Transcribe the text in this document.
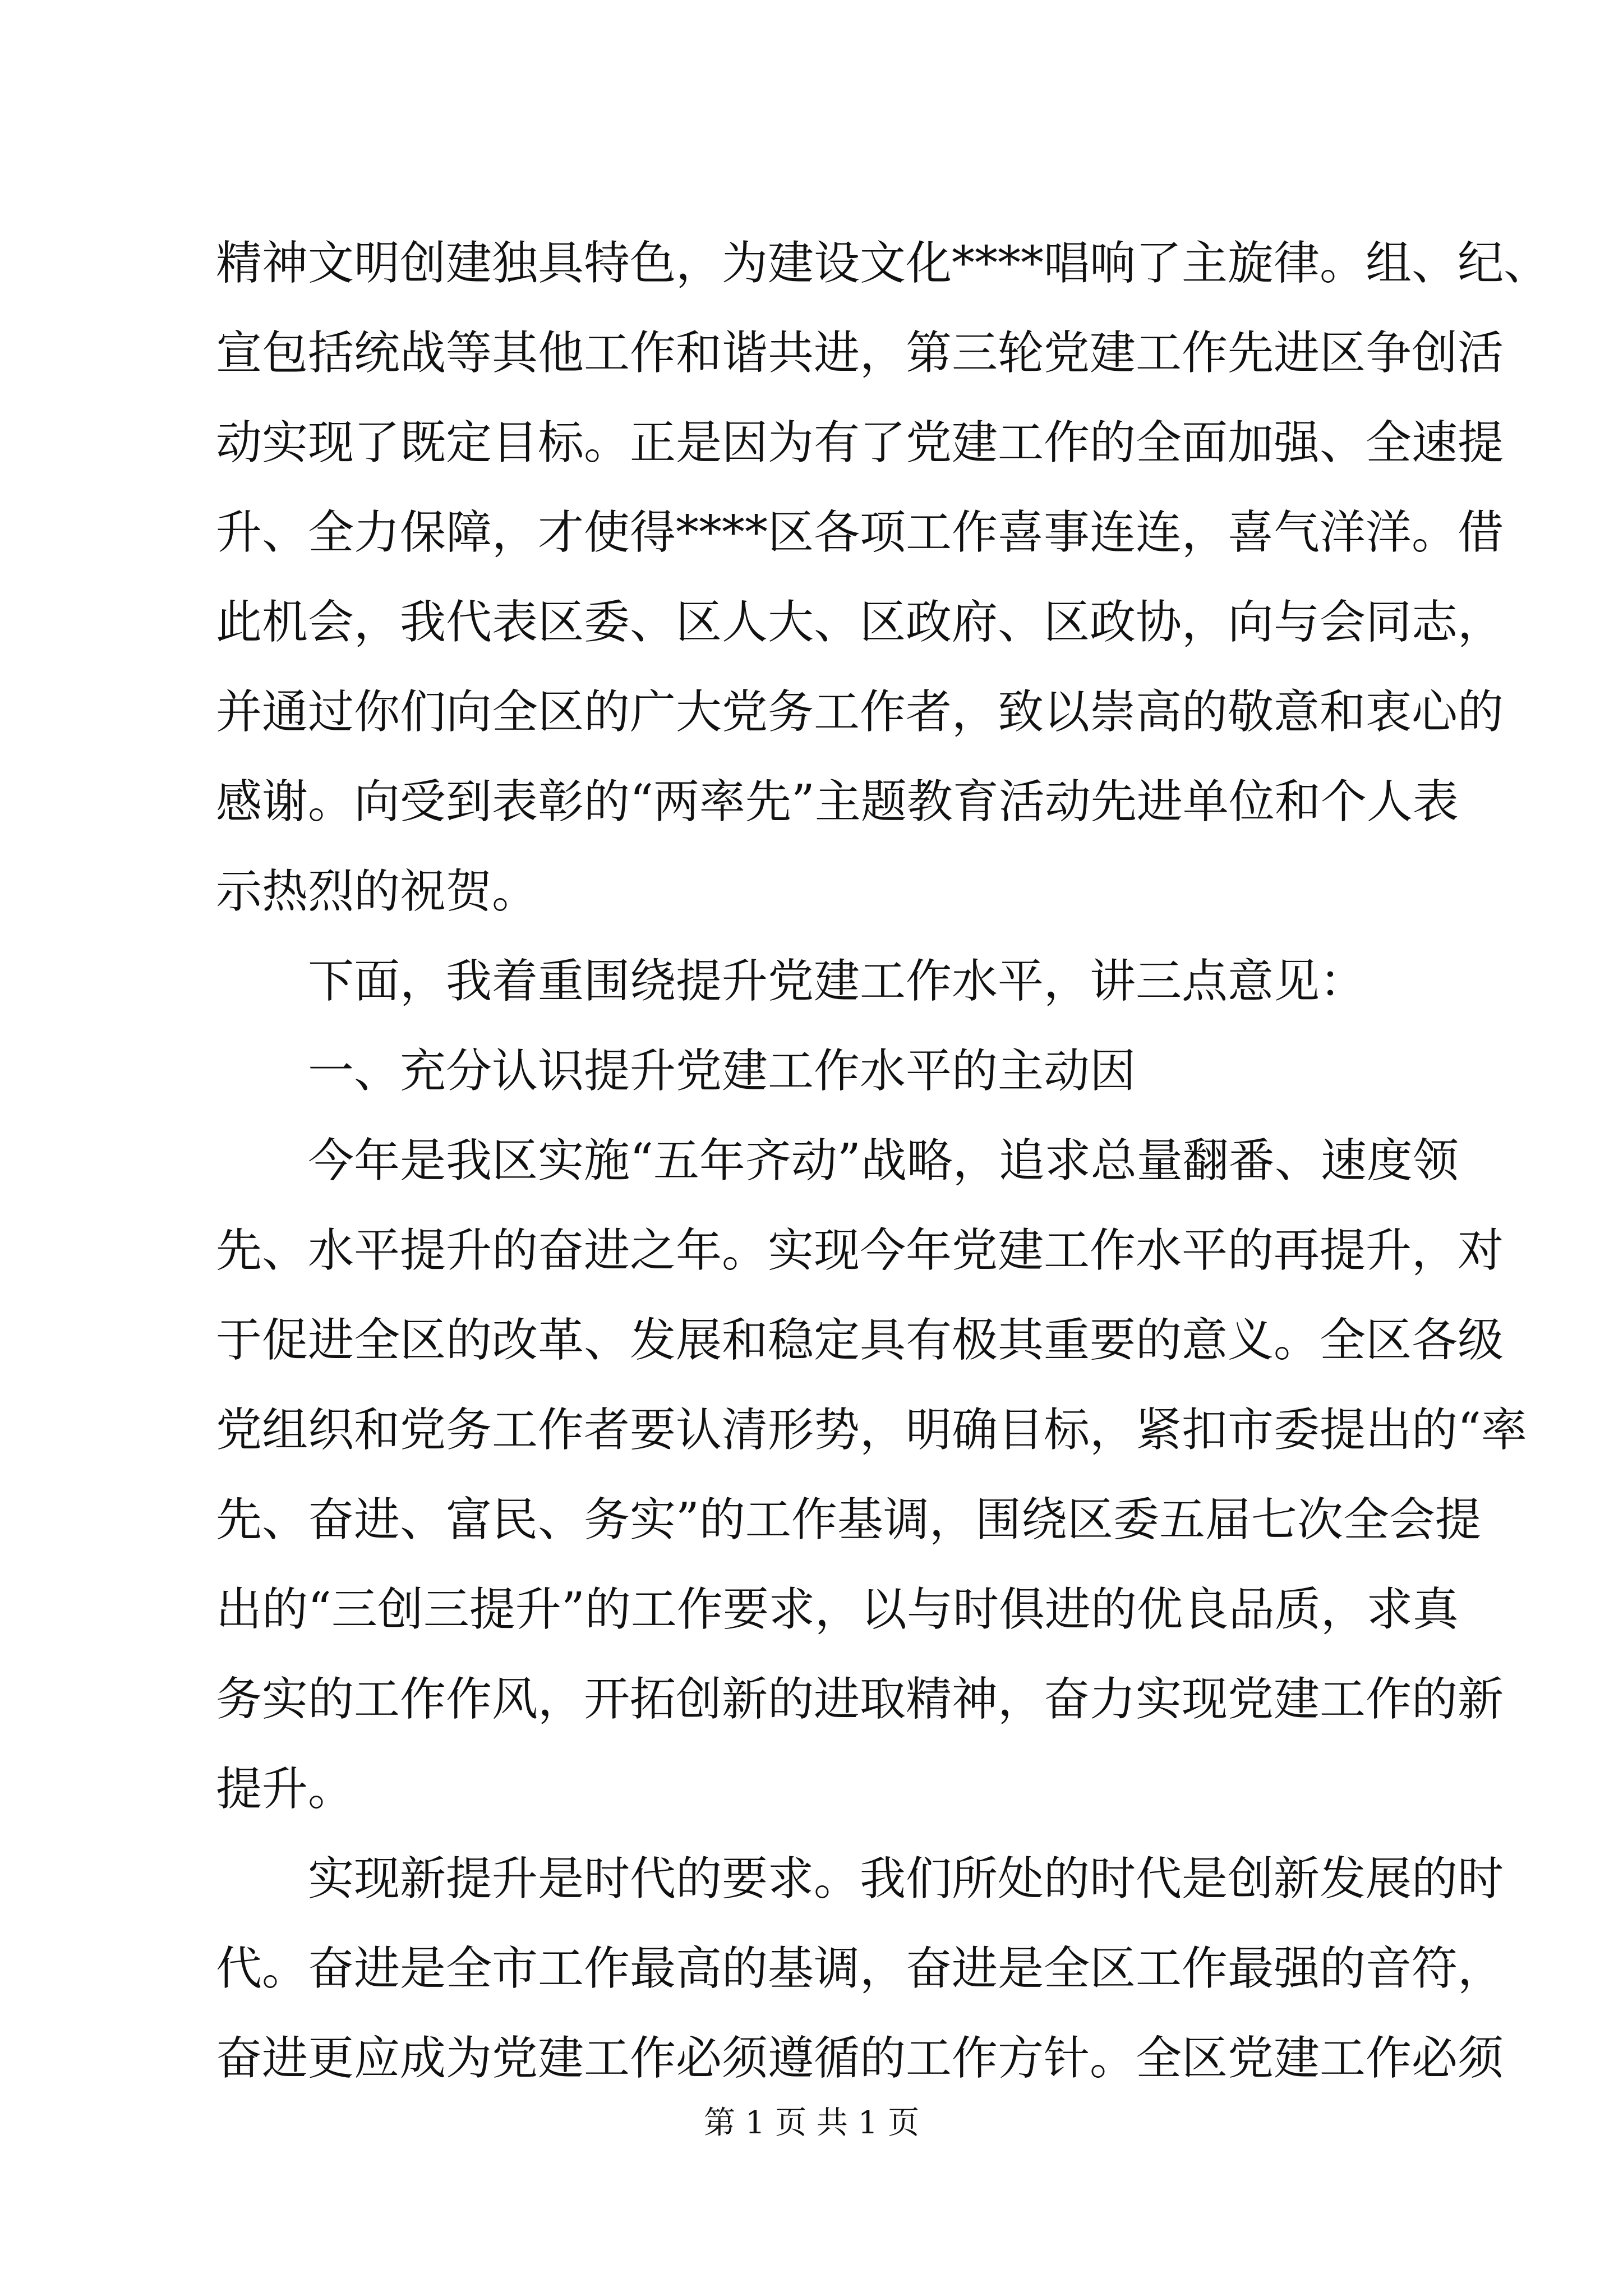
精神文明创建独具特色，为建设文化****唱响了主旋律。组、纪、
宣包括统战等其他工作和谐共进，第三轮党建工作先进区争创活
动实现了既定目标。正是因为有了党建工作的全面加强、全速提
升、全力保障，才使得****区各项工作喜事连连，喜气洋洋。借
此机会，我代表区委、区人大、区政府、区政协，向与会同志，
并通过你们向全区的广大党务工作者，致以崇高的敬意和衷心的
感谢。向受到表彰的“两率先”主题教育活动先进单位和个人表
示热烈的祝贺。
下面，我着重围绕提升党建工作水平，讲三点意见：
一、充分认识提升党建工作水平的主动因
今年是我区实施“五年齐动”战略，追求总量翻番、速度领
先、水平提升的奋进之年。实现今年党建工作水平的再提升，对
于促进全区的改革、发展和稳定具有极其重要的意义。全区各级
党组织和党务工作者要认清形势，明确目标，紧扣市委提出的“率
先、奋进、富民、务实”的工作基调，围绕区委五届七次全会提
出的“三创三提升”的工作要求，以与时俱进的优良品质，求真
务实的工作作风，开拓创新的进取精神，奋力实现党建工作的新
提升。
实现新提升是时代的要求。我们所处的时代是创新发展的时
代。奋进是全市工作最高的基调，奋进是全区工作最强的音符，
奋进更应成为党建工作必须遵循的工作方针。全区党建工作必须
第 1 页 共 1 页
